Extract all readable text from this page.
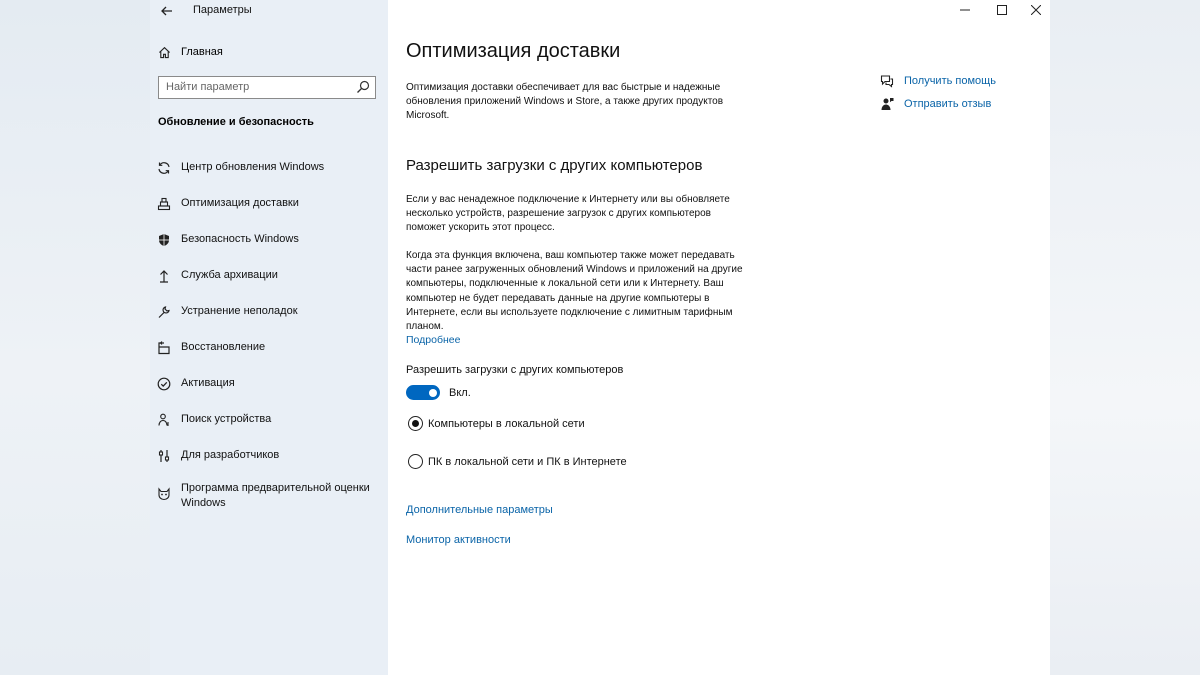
Параметры
Главная
Найти параметр
Обновление и безопасность
Центр обновления Windows
Оптимизация доставки
Безопасность Windows
Служба архивации
Устранение неполадок
Восстановление
Активация
Поиск устройства
Для разработчиков
Программа предварительной оценки Windows
Оптимизация доставки
Оптимизация доставки обеспечивает для вас быстрые и надежные обновления приложений Windows и Store, а также других продуктов Microsoft.
Разрешить загрузки с других компьютеров
Если у вас ненадежное подключение к Интернету или вы обновляете несколько устройств, разрешение загрузок с других компьютеров поможет ускорить этот процесс.
Когда эта функция включена, ваш компьютер также может передавать части ранее загруженных обновлений Windows и приложений на другие компьютеры, подключенные к локальной сети или к Интернету. Ваш компьютер не будет передавать данные на другие компьютеры в Интернете, если вы используете подключение с лимитным тарифным планом.
Подробнее
Разрешить загрузки с других компьютеров
Вкл.
Компьютеры в локальной сети
ПК в локальной сети и ПК в Интернете
Дополнительные параметры
Монитор активности
Получить помощь
Отправить отзыв
